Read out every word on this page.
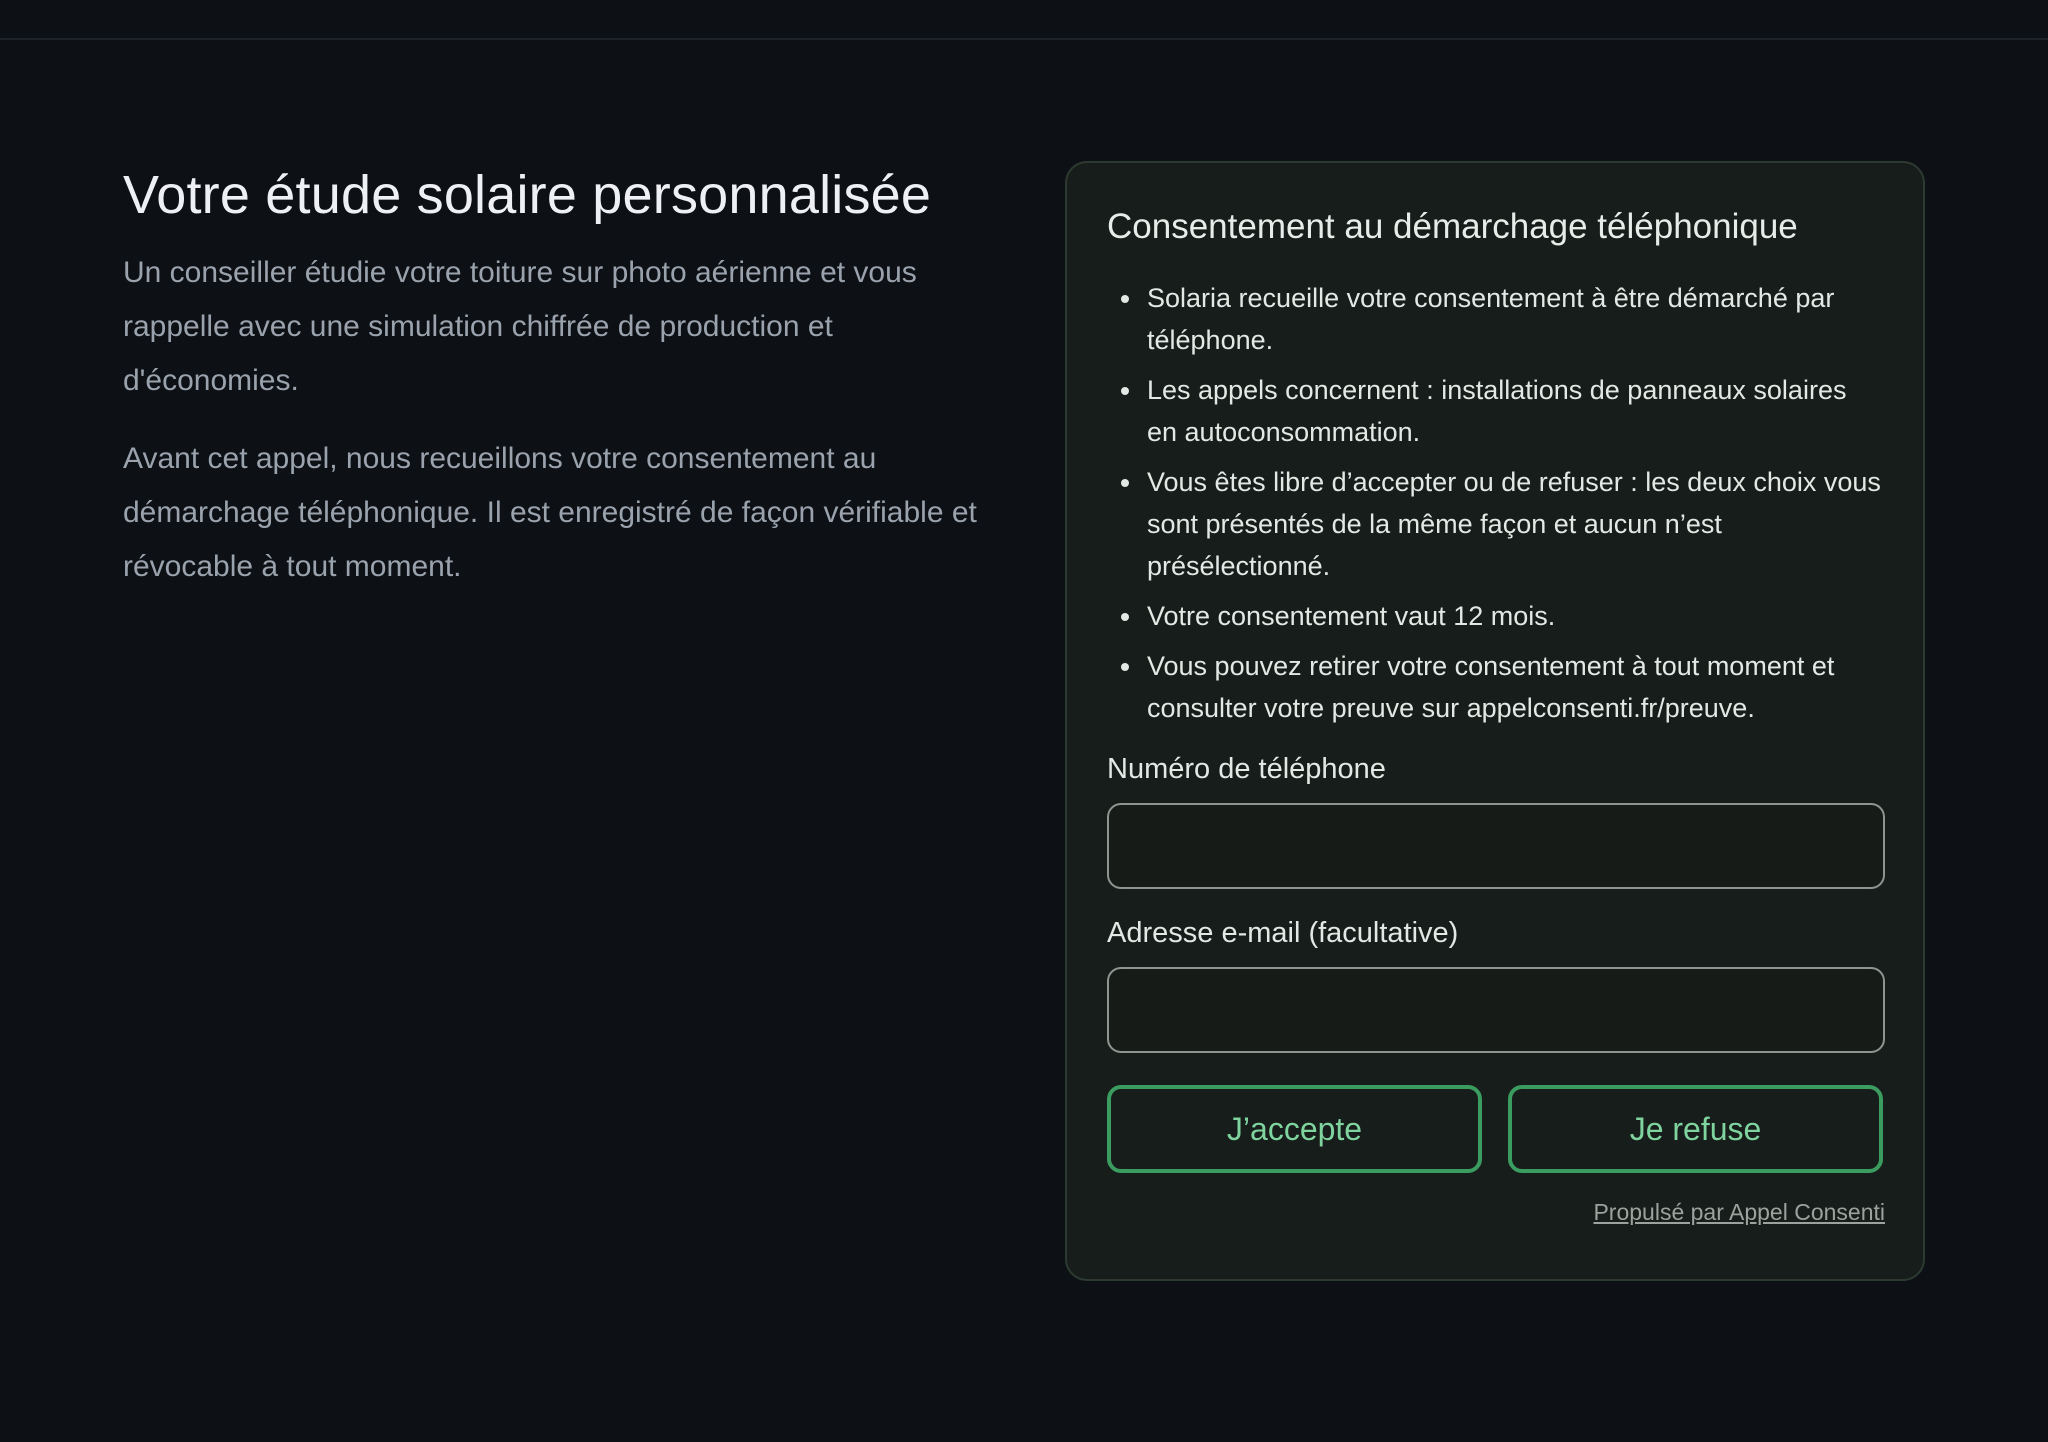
Votre étude solaire personnalisée

Un conseiller étudie votre toiture sur photo aérienne et vous rappelle avec une simulation chiffrée de production et d'économies.

Avant cet appel, nous recueillons votre consentement au démarchage téléphonique. Il est enregistré de façon vérifiable et révocable à tout moment.

Consentement au démarchage téléphonique
Solaria recueille votre consentement à être démarché par téléphone.
Les appels concernent : installations de panneaux solaires en autoconsommation.
Vous êtes libre d’accepter ou de refuser : les deux choix vous sont présentés de la même façon et aucun n’est présélectionné.
Votre consentement vaut 12 mois.
Vous pouvez retirer votre consentement à tout moment et consulter votre preuve sur appelconsenti.fr/preuve.
Numéro de téléphone
Adresse e-mail (facultative)
J’accepte	Je refuse
Propulsé par Appel Consenti
